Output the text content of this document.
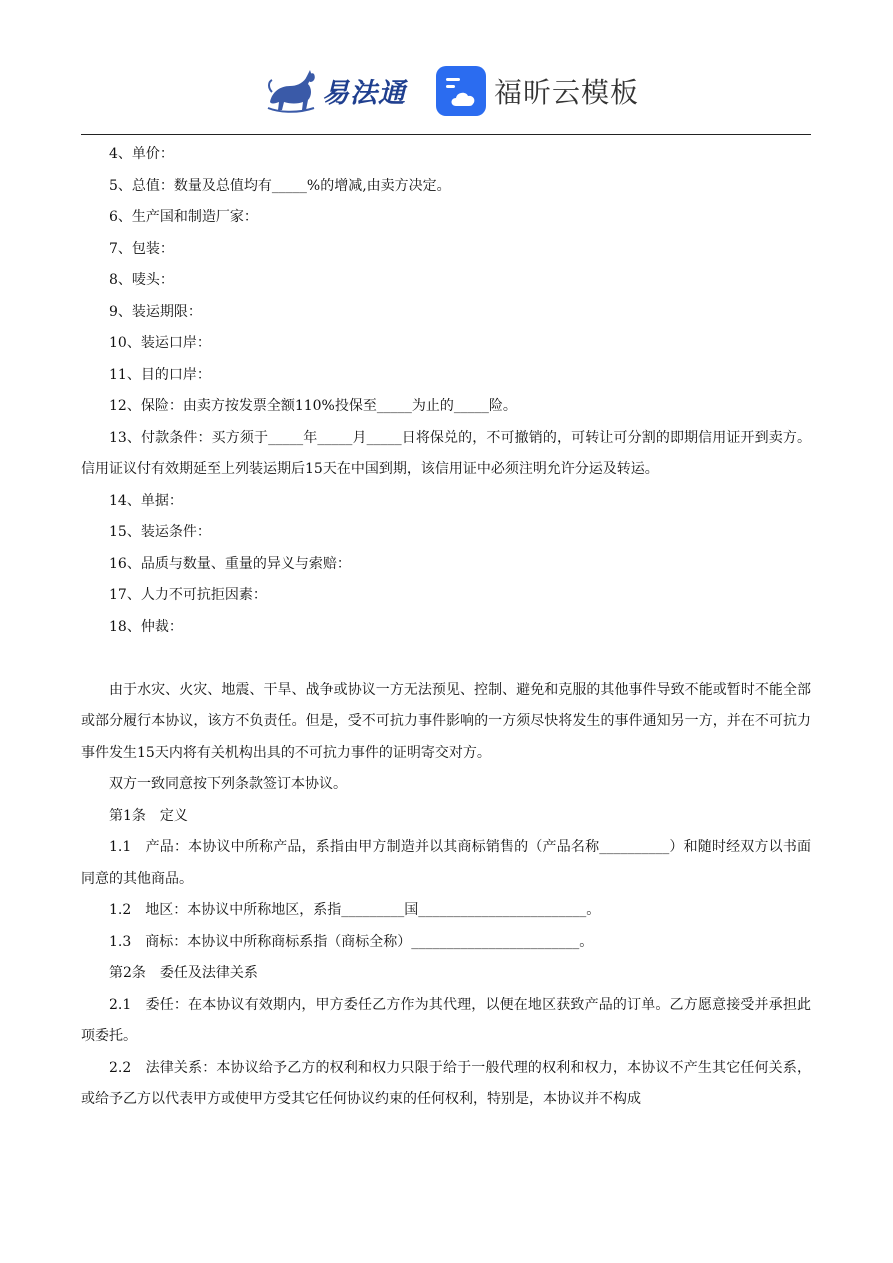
易法通	福昕云模板

4、单价：

5、总值：数量及总值均有_____%的增减,由卖方决定。

6、生产国和制造厂家：

7、包装：

8、唛头：

9、装运期限：

10、装运口岸：

11、目的口岸：

12、保险：由卖方按发票全额110%投保至_____为止的_____险。

13、付款条件：买方须于_____年_____月_____日将保兑的，不可撤销的，可转让可分割的即期信用证开到卖方。信用证议付有效期延至上列装运期后15天在中国到期，该信用证中必须注明允许分运及转运。

14、单据：

15、装运条件：

16、品质与数量、重量的异义与索赔：

17、人力不可抗拒因素：

18、仲裁：

由于水灾、火灾、地震、干旱、战争或协议一方无法预见、控制、避免和克服的其他事件导致不能或暂时不能全部或部分履行本协议，该方不负责任。但是，受不可抗力事件影响的一方须尽快将发生的事件通知另一方，并在不可抗力事件发生15天内将有关机构出具的不可抗力事件的证明寄交对方。

双方一致同意按下列条款签订本协议。

第1条　定义

1.1　产品：本协议中所称产品，系指由甲方制造并以其商标销售的（产品名称__________）和随时经双方以书面同意的其他商品。

1.2　地区：本协议中所称地区，系指_________国________________________。

1.3　商标：本协议中所称商标系指（商标全称）________________________。

第2条　委任及法律关系

2.1　委任：在本协议有效期内，甲方委任乙方作为其代理，以便在地区获致产品的订单。乙方愿意接受并承担此项委托。

2.2　法律关系：本协议给予乙方的权利和权力只限于给于一般代理的权利和权力，本协议不产生其它任何关系，或给予乙方以代表甲方或使甲方受其它任何协议约束的任何权利，特别是，本协议并不构成
